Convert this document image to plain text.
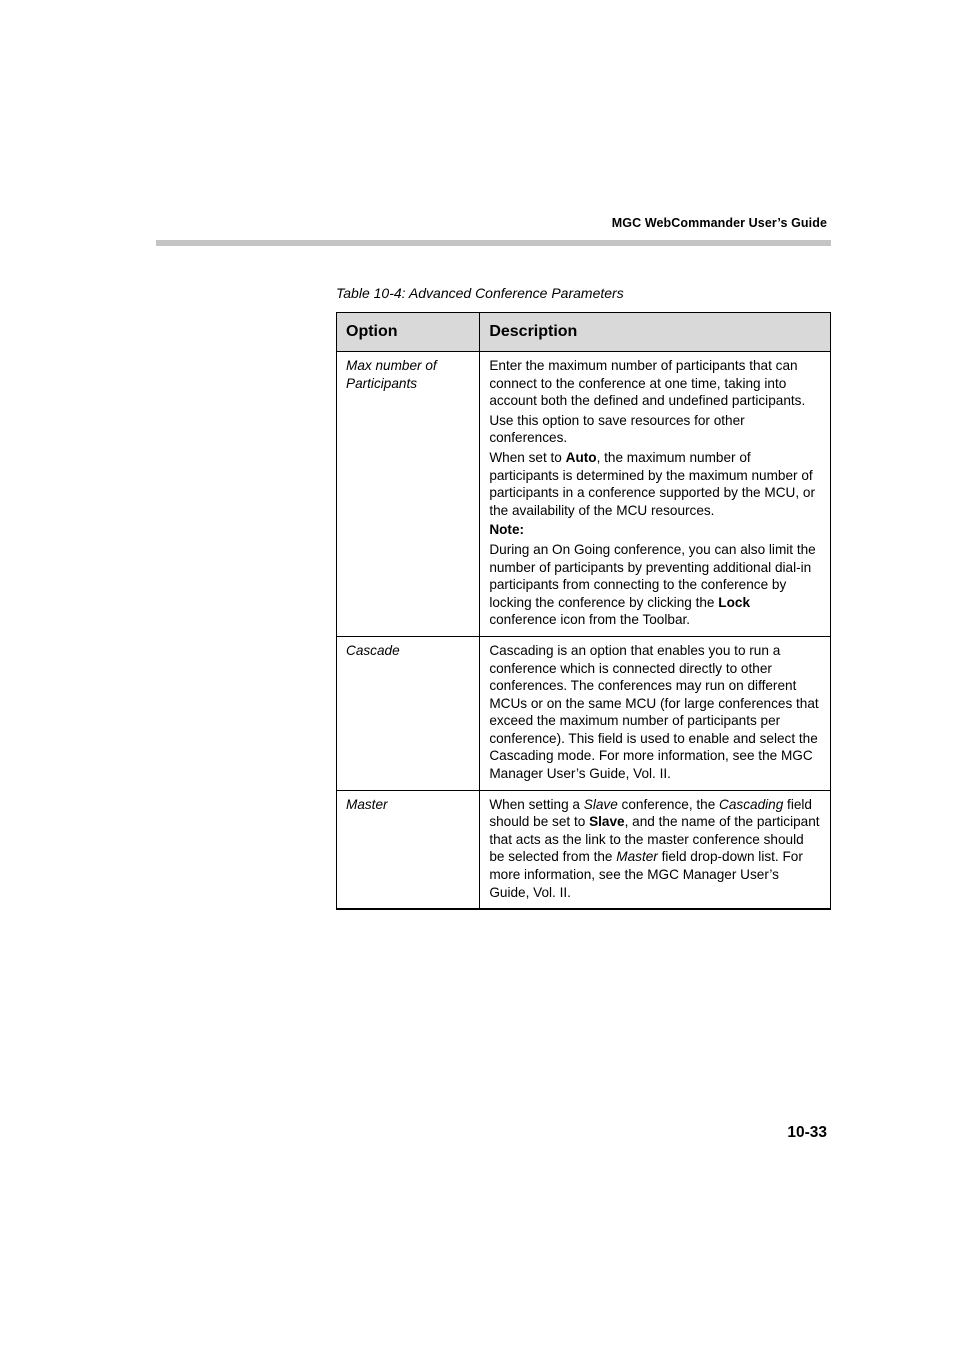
MGC WebCommander User’s Guide
Table 10-4: Advanced Conference Parameters
Option	Description
Max number of Participants	Enter the maximum number of participants that can connect to the conference at one time, taking into account both the defined and undefined participants.
Use this option to save resources for other conferences.
When set to Auto, the maximum number of participants is determined by the maximum number of participants in a conference supported by the MCU, or the availability of the MCU resources.
Note:
During an On Going conference, you can also limit the number of participants by preventing additional dial-in participants from connecting to the conference by locking the conference by clicking the Lock conference icon from the Toolbar.

Cascade	Cascading is an option that enables you to run a conference which is connected directly to other conferences. The conferences may run on different MCUs or on the same MCU (for large conferences that exceed the maximum number of participants per conference). This field is used to enable and select the Cascading mode. For more information, see the MGC Manager User’s Guide, Vol. II.

Master	When setting a Slave conference, the Cascading field should be set to Slave, and the name of the participant that acts as the link to the master conference should be selected from the Master field drop-down list. For more information, see the MGC Manager User’s Guide, Vol. II.
10-33
